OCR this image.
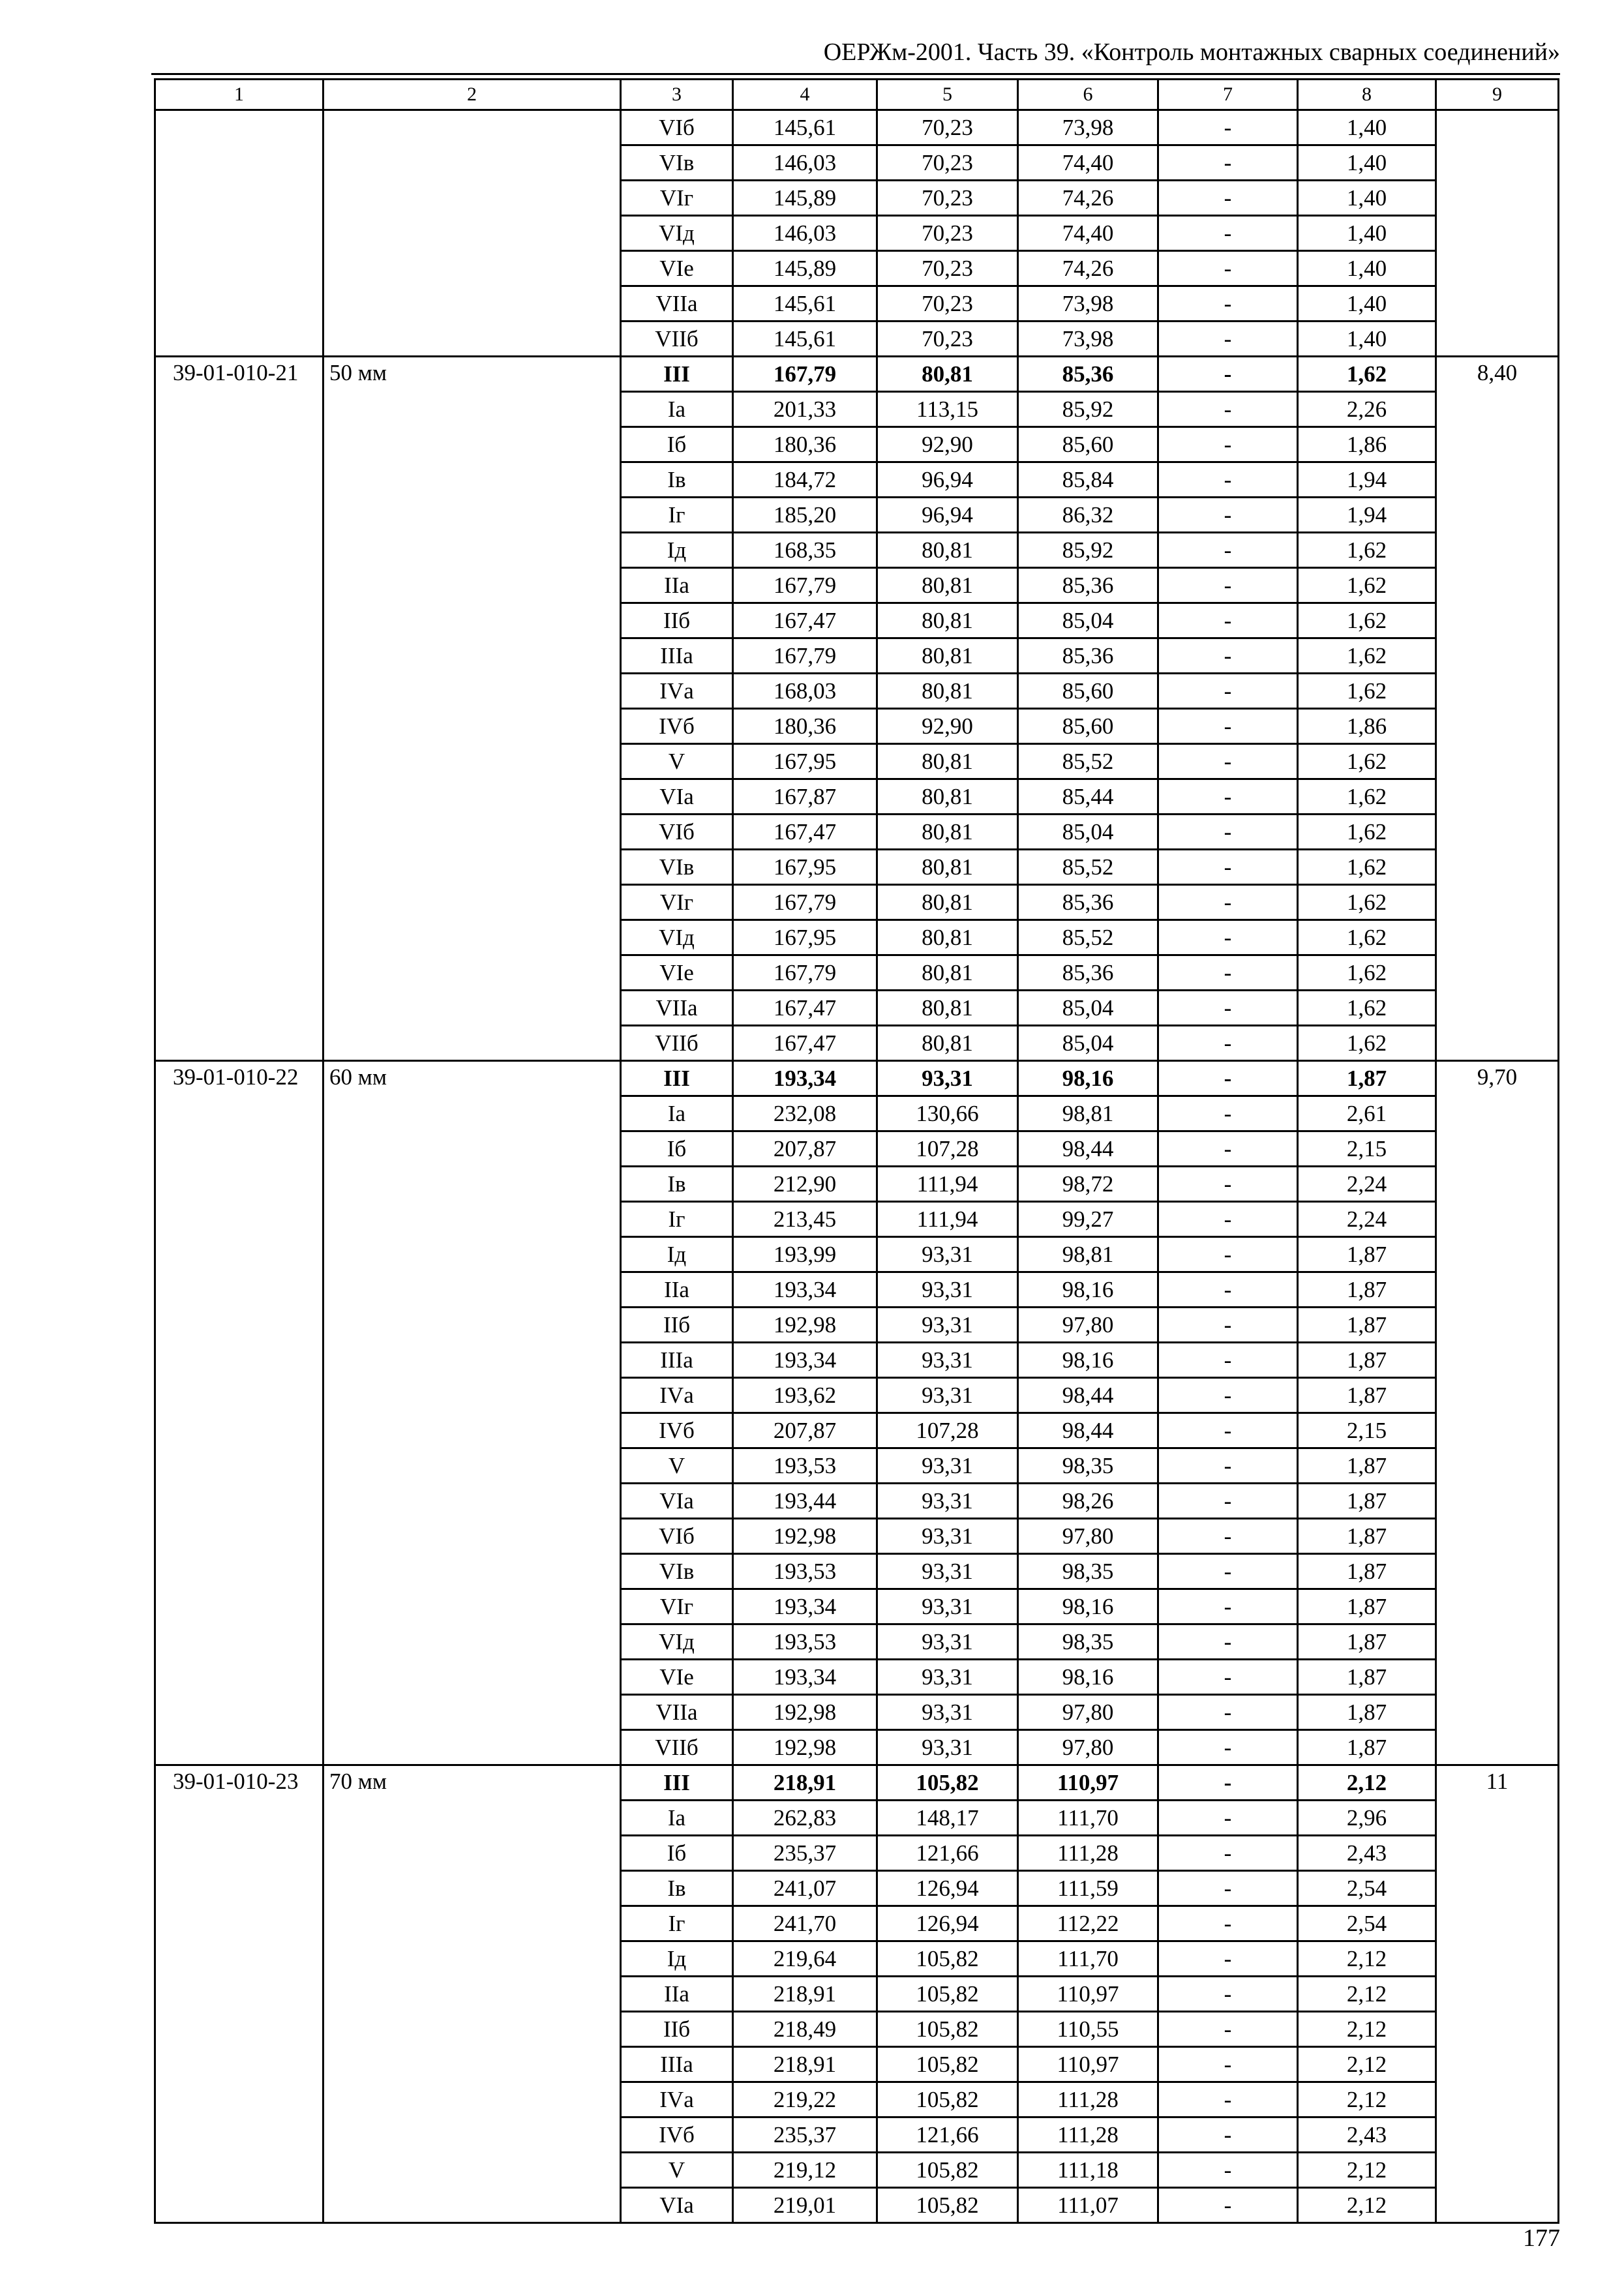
ОЕРЖм-2001. Часть 39. «Контроль монтажных сварных соединений»
1	2	3	4	5	6	7	8	9
		VIб	145,61	70,23	73,98	-	1,40	
		VIв	146,03	70,23	74,40	-	1,40	
		VIг	145,89	70,23	74,26	-	1,40	
		VIд	146,03	70,23	74,40	-	1,40	
		VIе	145,89	70,23	74,26	-	1,40	
		VIIа	145,61	70,23	73,98	-	1,40	
		VIIб	145,61	70,23	73,98	-	1,40	
39-01-010-21	50 мм	III	167,79	80,81	85,36	-	1,62	8,40
		Iа	201,33	113,15	85,92	-	2,26	
		Iб	180,36	92,90	85,60	-	1,86	
		Iв	184,72	96,94	85,84	-	1,94	
		Iг	185,20	96,94	86,32	-	1,94	
		Iд	168,35	80,81	85,92	-	1,62	
		IIа	167,79	80,81	85,36	-	1,62	
		IIб	167,47	80,81	85,04	-	1,62	
		IIIа	167,79	80,81	85,36	-	1,62	
		IVа	168,03	80,81	85,60	-	1,62	
		IVб	180,36	92,90	85,60	-	1,86	
		V	167,95	80,81	85,52	-	1,62	
		VIа	167,87	80,81	85,44	-	1,62	
		VIб	167,47	80,81	85,04	-	1,62	
		VIв	167,95	80,81	85,52	-	1,62	
		VIг	167,79	80,81	85,36	-	1,62	
		VIд	167,95	80,81	85,52	-	1,62	
		VIе	167,79	80,81	85,36	-	1,62	
		VIIа	167,47	80,81	85,04	-	1,62	
		VIIб	167,47	80,81	85,04	-	1,62	
39-01-010-22	60 мм	III	193,34	93,31	98,16	-	1,87	9,70
		Iа	232,08	130,66	98,81	-	2,61	
		Iб	207,87	107,28	98,44	-	2,15	
		Iв	212,90	111,94	98,72	-	2,24	
		Iг	213,45	111,94	99,27	-	2,24	
		Iд	193,99	93,31	98,81	-	1,87	
		IIа	193,34	93,31	98,16	-	1,87	
		IIб	192,98	93,31	97,80	-	1,87	
		IIIа	193,34	93,31	98,16	-	1,87	
		IVа	193,62	93,31	98,44	-	1,87	
		IVб	207,87	107,28	98,44	-	2,15	
		V	193,53	93,31	98,35	-	1,87	
		VIа	193,44	93,31	98,26	-	1,87	
		VIб	192,98	93,31	97,80	-	1,87	
		VIв	193,53	93,31	98,35	-	1,87	
		VIг	193,34	93,31	98,16	-	1,87	
		VIд	193,53	93,31	98,35	-	1,87	
		VIе	193,34	93,31	98,16	-	1,87	
		VIIа	192,98	93,31	97,80	-	1,87	
		VIIб	192,98	93,31	97,80	-	1,87	
39-01-010-23	70 мм	III	218,91	105,82	110,97	-	2,12	11
		Iа	262,83	148,17	111,70	-	2,96	
		Iб	235,37	121,66	111,28	-	2,43	
		Iв	241,07	126,94	111,59	-	2,54	
		Iг	241,70	126,94	112,22	-	2,54	
		Iд	219,64	105,82	111,70	-	2,12	
		IIа	218,91	105,82	110,97	-	2,12	
		IIб	218,49	105,82	110,55	-	2,12	
		IIIа	218,91	105,82	110,97	-	2,12	
		IVа	219,22	105,82	111,28	-	2,12	
		IVб	235,37	121,66	111,28	-	2,43	
		V	219,12	105,82	111,18	-	2,12	
		VIа	219,01	105,82	111,07	-	2,12	
177
